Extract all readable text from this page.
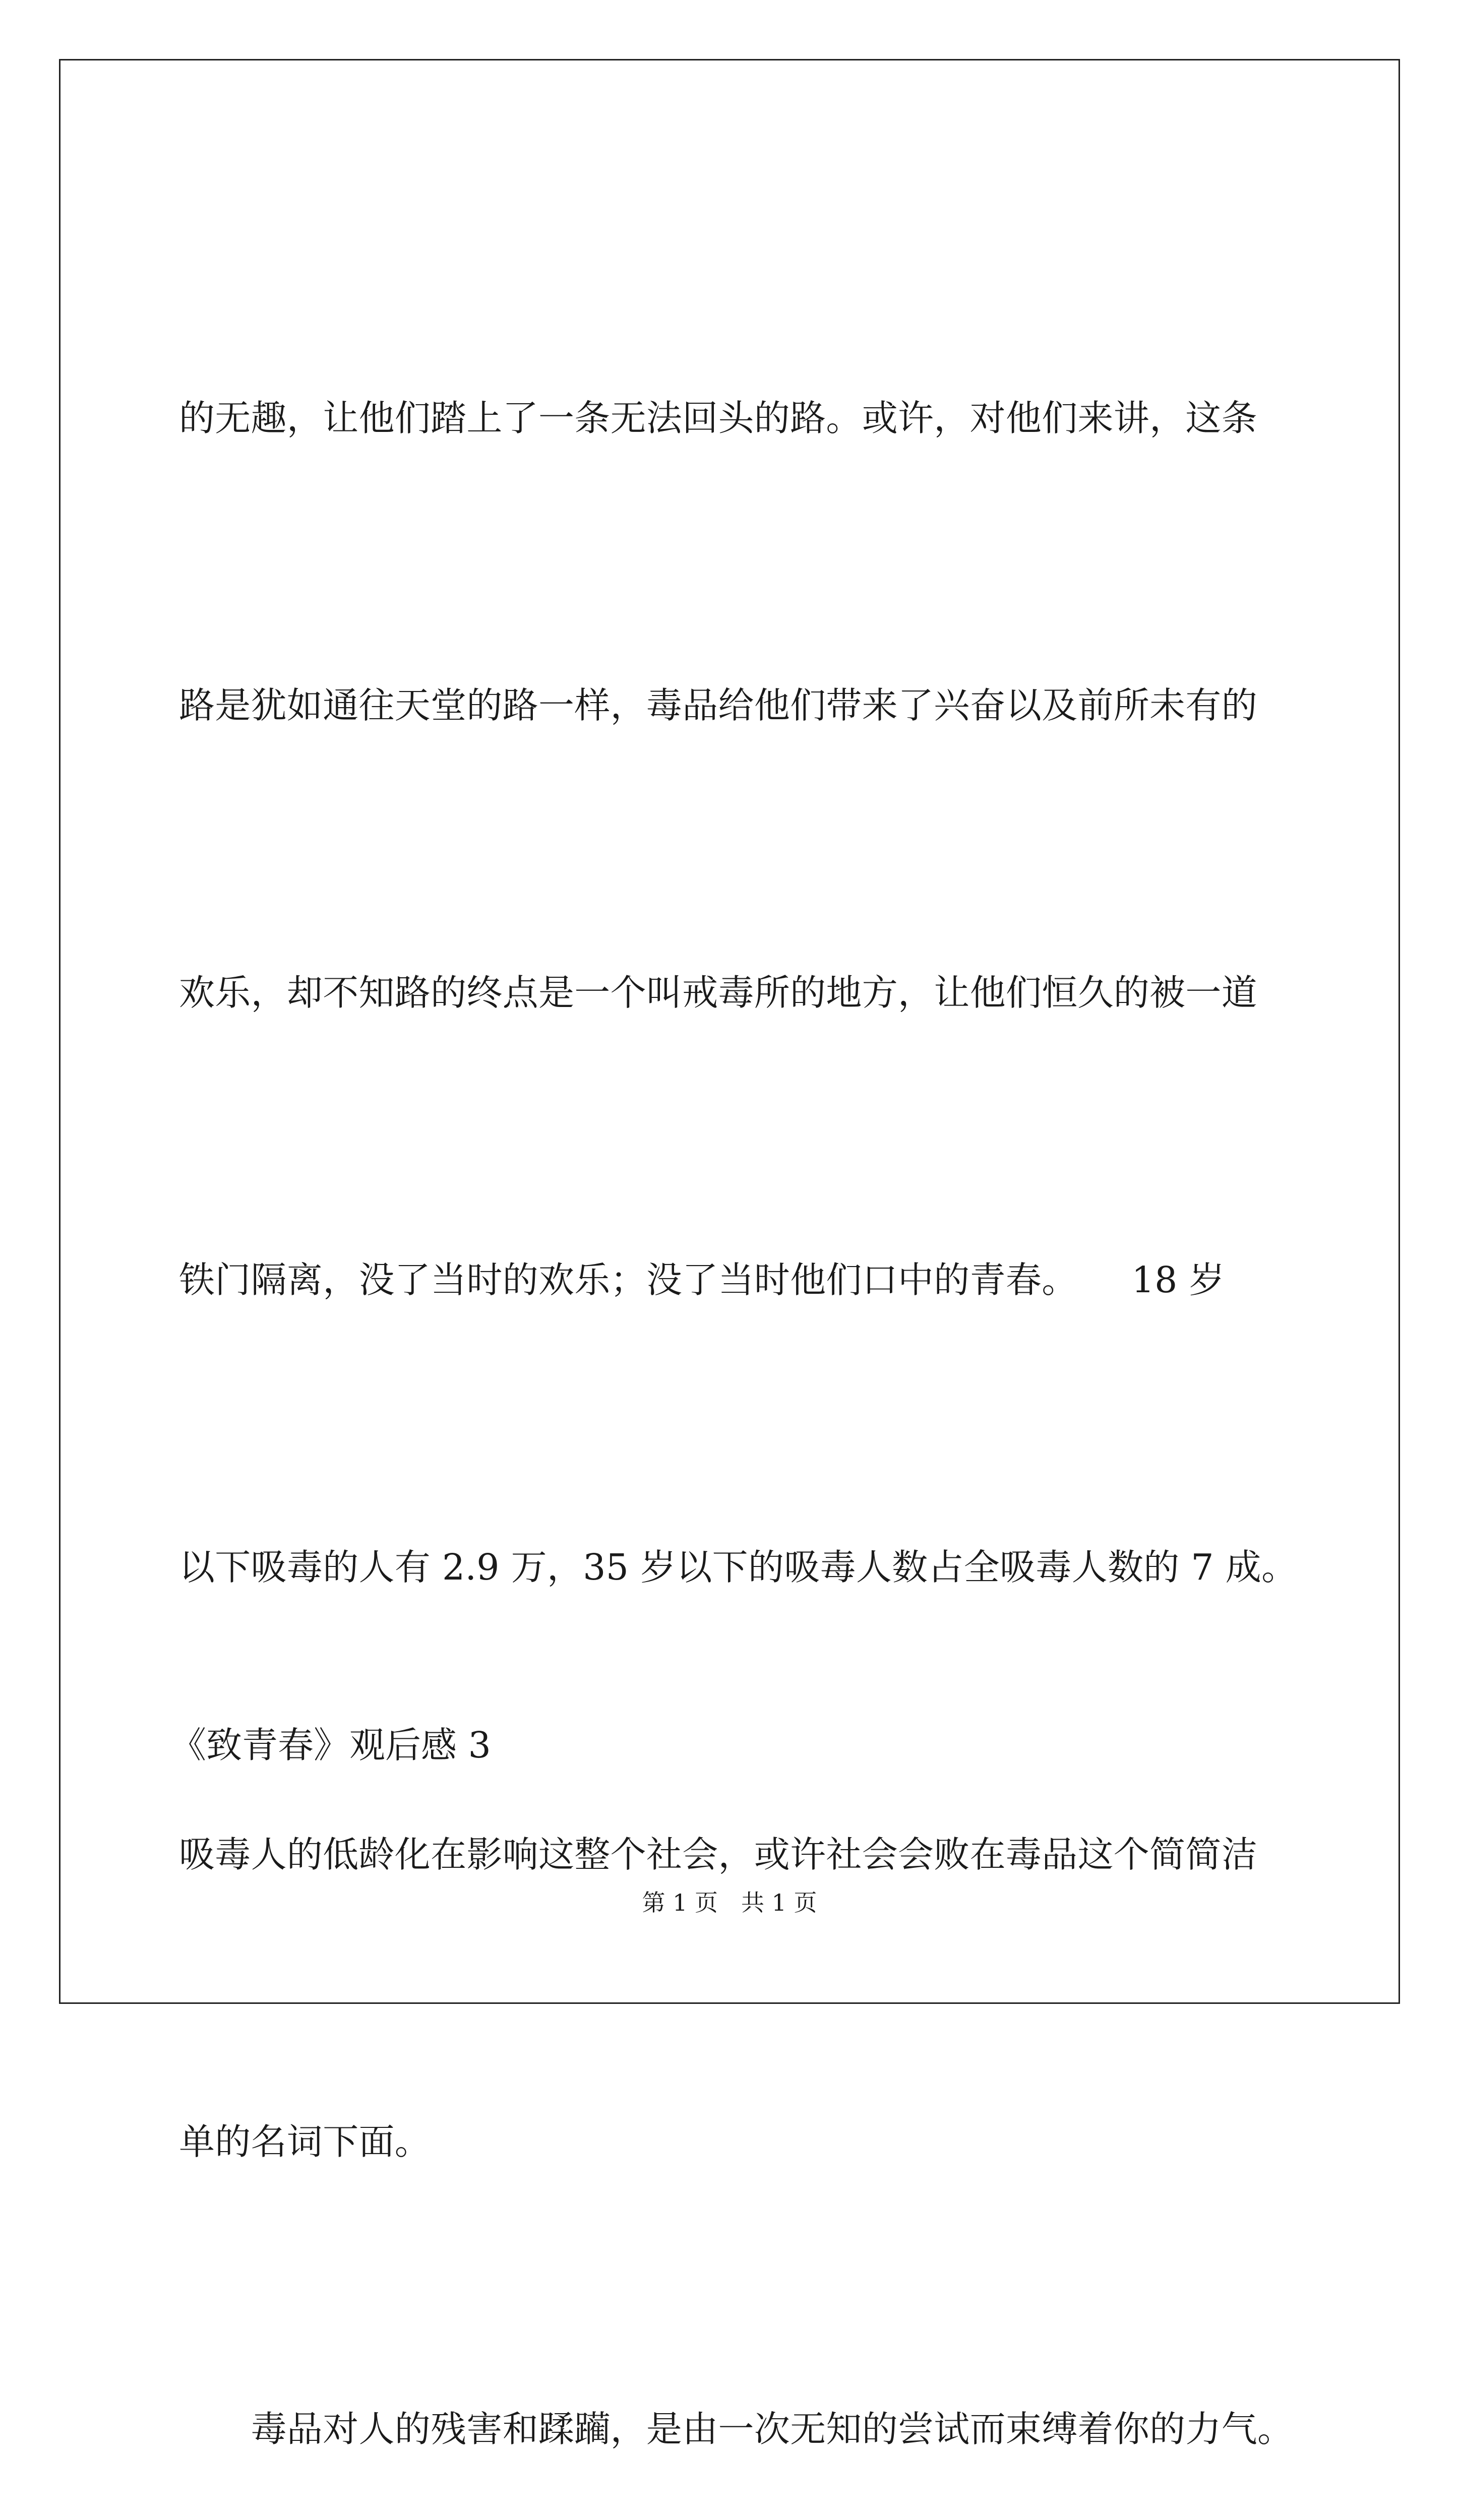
的无趣，让他们踏上了一条无法回头的路。或许，对他们来讲，这条

路是犹如通往天堂的路一样，毒品给他们带来了兴奋以及前所未有的

欢乐，却不知路的终点是一个叫戒毒所的地方，让他们恒久的被一道

铁门隔离，没了当时的欢乐；没了当时他们口中的青春。　　18 岁

以下吸毒的人有 2.9 万，35 岁以下的吸毒人数占全吸毒人数的 7 成。

吸毒人的低龄化在影响这整个社会，或许社会会败在毒品这个简简洁

单的名词下面。

　　毒品对人的残害和蹂躏，是由一次无知的尝试而束缚着你的力气。

《致青春》观后感 3
第 1 页　共 1 页
